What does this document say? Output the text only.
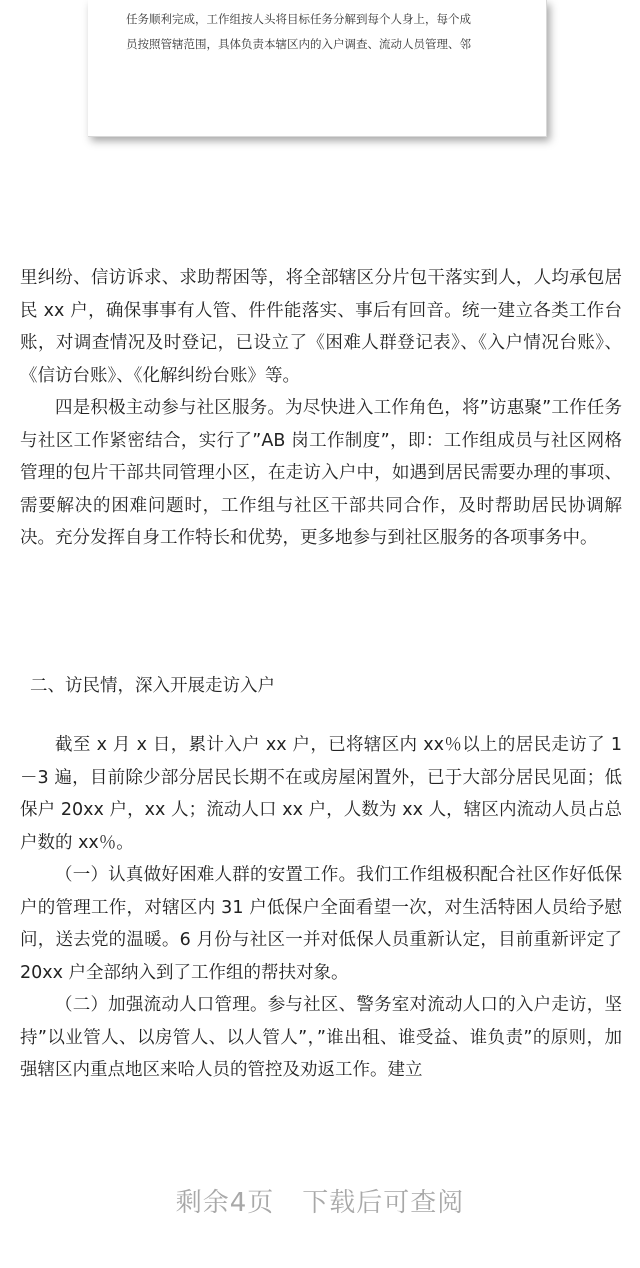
任务顺利完成，工作组按人头将目标任务分解到每个人身上，每个成
员按照管辖范围，具体负责本辖区内的入户调查、流动人员管理、邻

里纠纷、信访诉求、求助帮困等，将全部辖区分片包干落实到人，人均承包居民 xx 户，确保事事有人管、件件能落实、事后有回音。统一建立各类工作台账，对调查情况及时登记，已设立了《困难人群登记表》、《入户情况台账》、《信访台账》、《化解纠纷台账》等。

四是积极主动参与社区服务。为尽快进入工作角色，将”访惠聚”工作任务与社区工作紧密结合，实行了”AB 岗工作制度”，即：工作组成员与社区网格管理的包片干部共同管理小区，在走访入户中，如遇到居民需要办理的事项、需要解决的困难问题时，工作组与社区干部共同合作，及时帮助居民协调解决。充分发挥自身工作特长和优势，更多地参与到社区服务的各项事务中。

二、访民情，深入开展走访入户

截至 x 月 x 日，累计入户 xx 户，已将辖区内 xx％以上的居民走访了 1－3 遍，目前除少部分居民长期不在或房屋闲置外，已于大部分居民见面；低保户 20xx 户，xx 人；流动人口 xx 户，人数为 xx 人，辖区内流动人员占总户数的 xx％。

（一）认真做好困难人群的安置工作。我们工作组极积配合社区作好低保户的管理工作，对辖区内 31 户低保户全面看望一次，对生活特困人员给予慰问，送去党的温暖。6 月份与社区一并对低保人员重新认定，目前重新评定了 20xx 户全部纳入到了工作组的帮扶对象。

（二）加强流动人口管理。参与社区、警务室对流动人口的入户走访，坚持”以业管人、以房管人、以人管人”，”谁出租、谁受益、谁负责”的原则，加强辖区内重点地区来哈人员的管控及劝返工作。建立

剩余4页 下载后可查阅
